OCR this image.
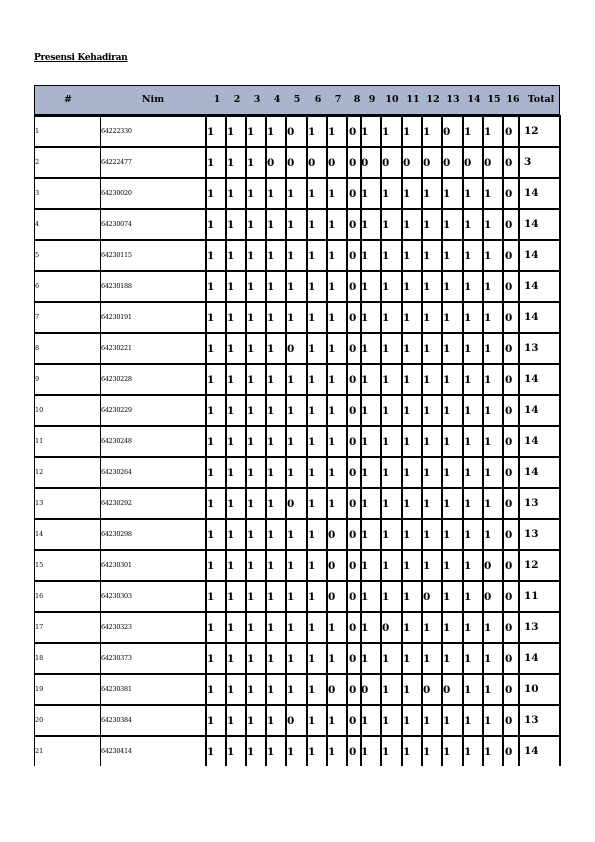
Presensi Kehadiran
#	Nim	1	2	3	4	5	6	7	8 9	10 11 12 13 14 15 16 Total
1	64222330	1 1 1 1 0 1 1 0 1 1 1 1 0 1 1 0 12
2	64222477	1 1 1 0 0 0 0 0 0 0 0 0 0 0 0 0 3
3	64230020	1 1 1 1 1 1 1 0 1 1 1 1 1 1 1 0 14
4	64230074	1 1 1 1 1 1 1 0 1 1 1 1 1 1 1 0 14
5	64230115	1 1 1 1 1 1 1 0 1 1 1 1 1 1 1 0 14
6	64230188	1 1 1 1 1 1 1 0 1 1 1 1 1 1 1 0 14
7	64230191	1 1 1 1 1 1 1 0 1 1 1 1 1 1 1 0 14
8	64230221	1 1 1 1 0 1 1 0 1 1 1 1 1 1 1 0 13
9	64230228	1 1 1 1 1 1 1 0 1 1 1 1 1 1 1 0 14
10	64230229	1 1 1 1 1 1 1 0 1 1 1 1 1 1 1 0 14
11	64230248	1 1 1 1 1 1 1 0 1 1 1 1 1 1 1 0 14
12	64230264	1 1 1 1 1 1 1 0 1 1 1 1 1 1 1 0 14
13	64230292	1 1 1 1 0 1 1 0 1 1 1 1 1 1 1 0 13
14	64230298	1 1 1 1 1 1 0 0 1 1 1 1 1 1 1 0 13
15	64230301	1 1 1 1 1 1 0 0 1 1 1 1 1 1 0 0 12
16	64230303	1 1 1 1 1 1 0 0 1 1 1 0 1 1 0 0 11
17	64230323	1 1 1 1 1 1 1 0 1 0 1 1 1 1 1 0 13
18	64230373	1 1 1 1 1 1 1 0 1 1 1 1 1 1 1 0 14
19	64230381	1 1 1 1 1 1 0 0 0 1 1 0 0 1 1 0 10
20	64230384	1 1 1 1 0 1 1 0 1 1 1 1 1 1 1 0 13
21	64230414	1 1 1 1 1 1 1 0 1 1 1 1 1 1 1 0 14
